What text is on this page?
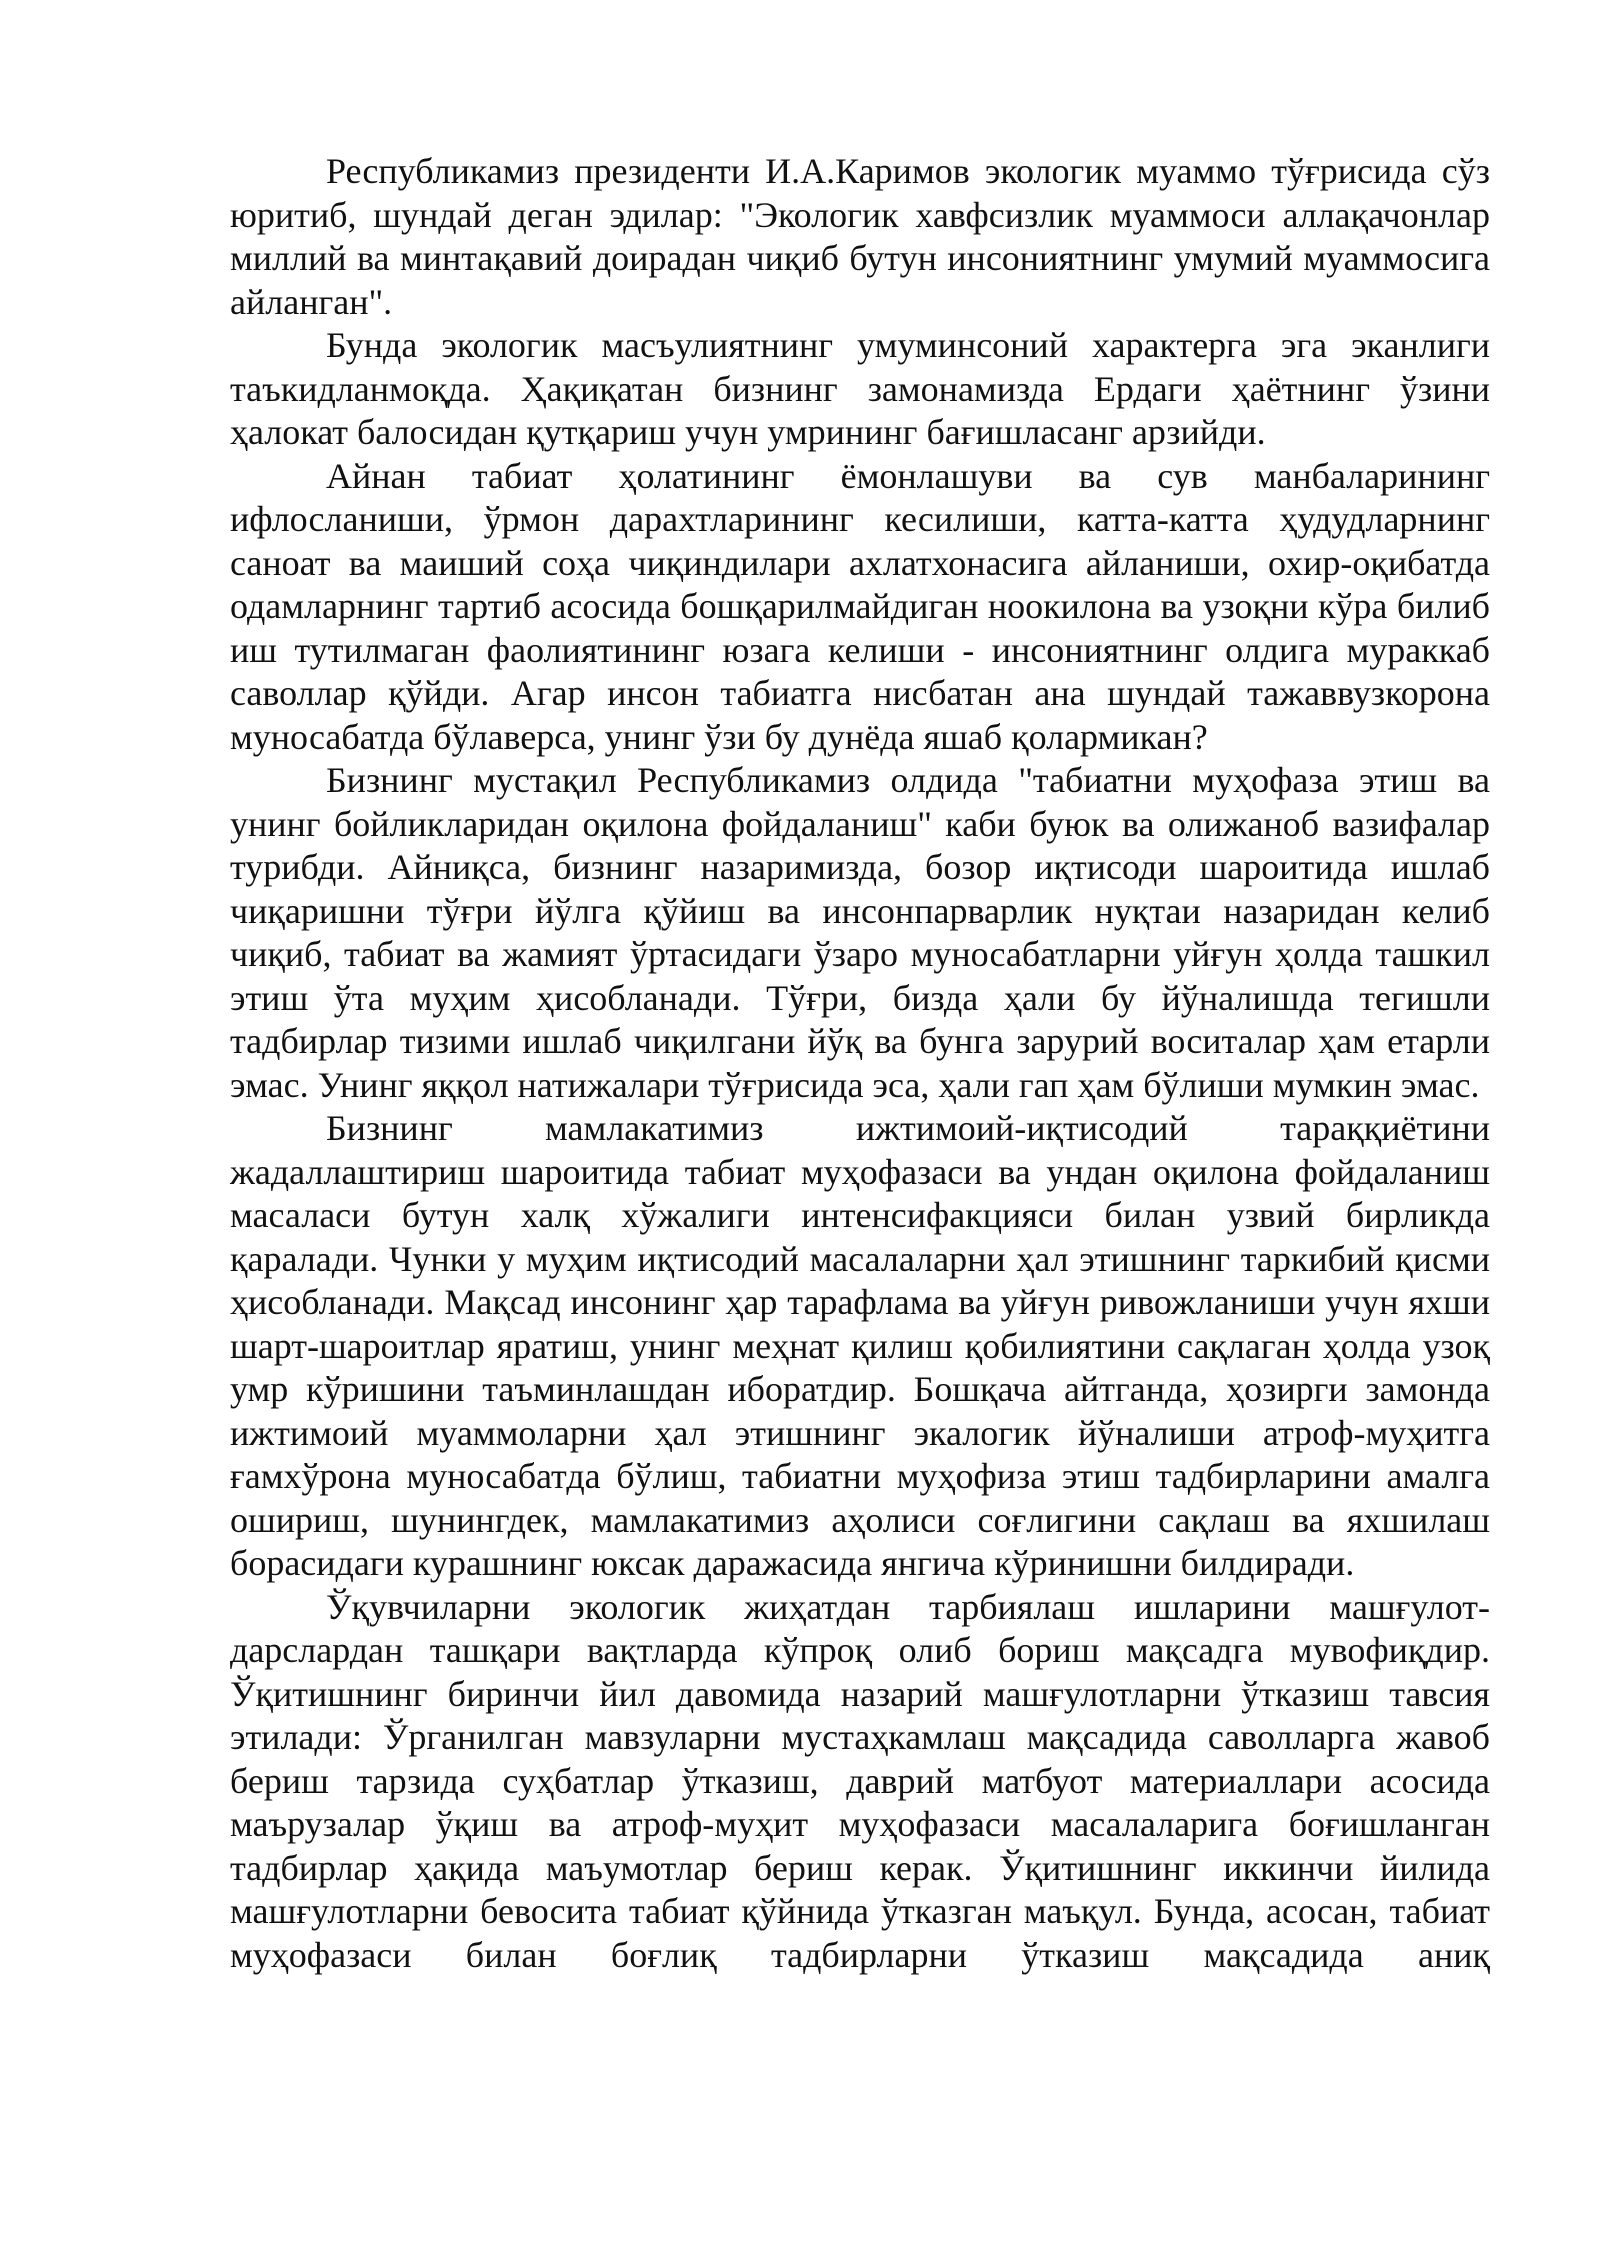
Республикамиз президенти И.А.Каримов экологик муаммо тўғрисида сўз юритиб, шундай деган эдилар: "Экологик хавфсизлик муаммоси аллақачонлар миллий ва минтақавий доирадан чиқиб бутун инсониятнинг умумий муаммосига айланган".

Бунда экологик масъулиятнинг умуминсоний характерга эга эканлиги таъкидланмоқда. Ҳақиқатан бизнинг замонамизда Ердаги ҳаётнинг ўзини ҳалокат балосидан қутқариш учун умрининг бағишласанг арзийди.

Айнан табиат ҳолатининг ёмонлашуви ва сув манбаларининг ифлосланиши, ўрмон дарахтларининг кесилиши, катта-катта ҳудудларнинг саноат ва маиший соҳа чиқиндилари ахлатхонасига айланиши, охир-оқибатда одамларнинг тартиб асосида бошқарилмайдиган ноокилона ва узоқни кўра билиб иш тутилмаган фаолиятининг юзага келиши - инсониятнинг олдига мураккаб саволлар қўйди. Агар инсон табиатга нисбатан ана шундай тажаввузкорона муносабатда бўлаверса, унинг ўзи бу дунёда яшаб қолармикан?

Бизнинг мустақил Республикамиз олдида "табиатни муҳофаза этиш ва унинг бойликларидан оқилона фойдаланиш" каби буюк ва олижаноб вазифалар турибди. Айниқса, бизнинг назаримизда, бозор иқтисоди шароитида ишлаб чиқаришни тўғри йўлга қўйиш ва инсонпарварлик нуқтаи назаридан келиб чиқиб, табиат ва жамият ўртасидаги ўзаро муносабатларни уйғун ҳолда ташкил этиш ўта муҳим ҳисобланади. Тўғри, бизда ҳали бу йўналишда тегишли тадбирлар тизими ишлаб чиқилгани йўқ ва бунга зарурий воситалар ҳам етарли эмас. Унинг яққол натижалари тўғрисида эса, ҳали гап ҳам бўлиши мумкин эмас.

Бизнинг мамлакатимиз ижтимоий-иқтисодий тараққиётини жадаллаштириш шароитида табиат муҳофазаси ва ундан оқилона фойдаланиш масаласи бутун халқ хўжалиги интенсифакцияси билан узвий бирликда қаралади. Чунки у муҳим иқтисодий масалаларни ҳал этишнинг таркибий қисми ҳисобланади. Мақсад инсонинг ҳар тарафлама ва уйғун ривожланиши учун яхши шарт-шароитлар яратиш, унинг меҳнат қилиш қобилиятини сақлаган ҳолда узоқ умр кўришини таъминлашдан иборатдир. Бошқача айтганда, ҳозирги замонда ижтимоий муаммоларни ҳал этишнинг экалогик йўналиши атроф-муҳитга ғамхўрона муносабатда бўлиш, табиатни муҳофиза этиш тадбирларини амалга ошириш, шунингдек, мамлакатимиз аҳолиси соғлигини сақлаш ва яхшилаш борасидаги курашнинг юксак даражасида янгича кўринишни билдиради.

Ўқувчиларни экологик жиҳатдан тарбиялаш ишларини машғулот-дарслардан ташқари вақтларда кўпроқ олиб бориш мақсадга мувофиқдир. Ўқитишнинг биринчи йил давомида назарий машғулотларни ўтказиш тавсия этилади: Ўрганилган мавзуларни мустаҳкамлаш мақсадида саволларга жавоб бериш тарзида суҳбатлар ўтказиш, даврий матбуот материаллари асосида маърузалар ўқиш ва атроф-муҳит муҳофазаси масалаларига боғишланган тадбирлар ҳақида маъумотлар бериш керак. Ўқитишнинг иккинчи йилида машғулотларни бевосита табиат қўйнида ўтказган маъқул. Бунда, асосан, табиат муҳофазаси билан боғлиқ тадбирларни ўтказиш мақсадида аниқ
